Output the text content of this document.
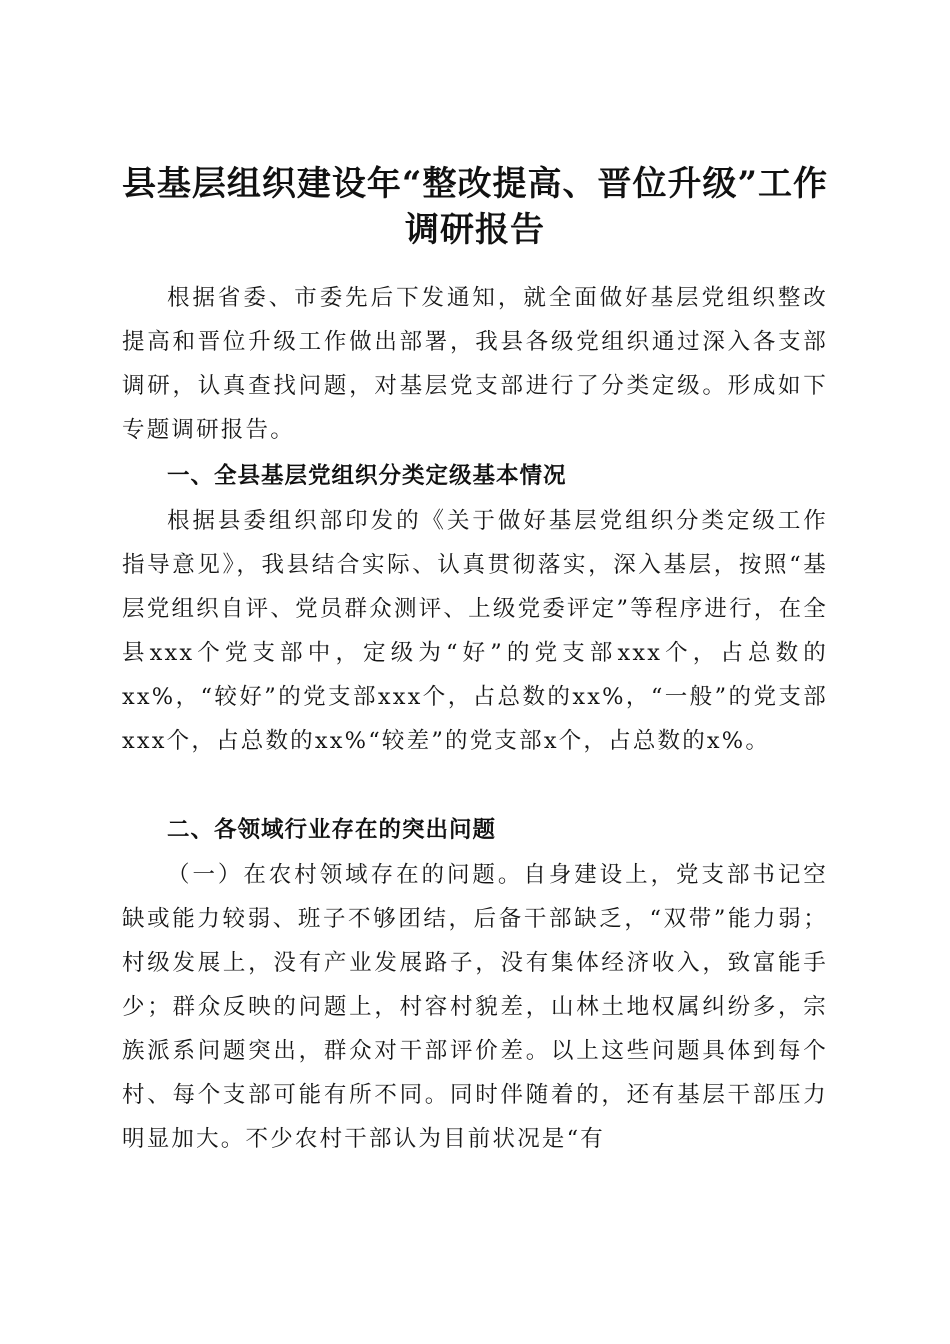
县基层组织建设年“整改提高、晋位升级”工作调研报告

根据省委、市委先后下发通知，就全面做好基层党组织整改提高和晋位升级工作做出部署，我县各级党组织通过深入各支部调研，认真查找问题，对基层党支部进行了分类定级。形成如下专题调研报告。

一、全县基层党组织分类定级基本情况

根据县委组织部印发的《关于做好基层党组织分类定级工作指导意见》，我县结合实际、认真贯彻落实，深入基层，按照“基层党组织自评、党员群众测评、上级党委评定”等程序进行，在全县xxx个党支部中，定级为“好”的党支部xxx个，占总数的xx%，“较好”的党支部xxx个，占总数的xx%，“一般”的党支部xxx个，占总数的xx%“较差”的党支部x个，占总数的x%。

二、各领域行业存在的突出问题

（一）在农村领域存在的问题。自身建设上，党支部书记空缺或能力较弱、班子不够团结，后备干部缺乏，“双带”能力弱；村级发展上，没有产业发展路子，没有集体经济收入，致富能手少；群众反映的问题上，村容村貌差，山林土地权属纠纷多，宗族派系问题突出，群众对干部评价差。以上这些问题具体到每个村、每个支部可能有所不同。同时伴随着的，还有基层干部压力明显加大。不少农村干部认为目前状况是“有
